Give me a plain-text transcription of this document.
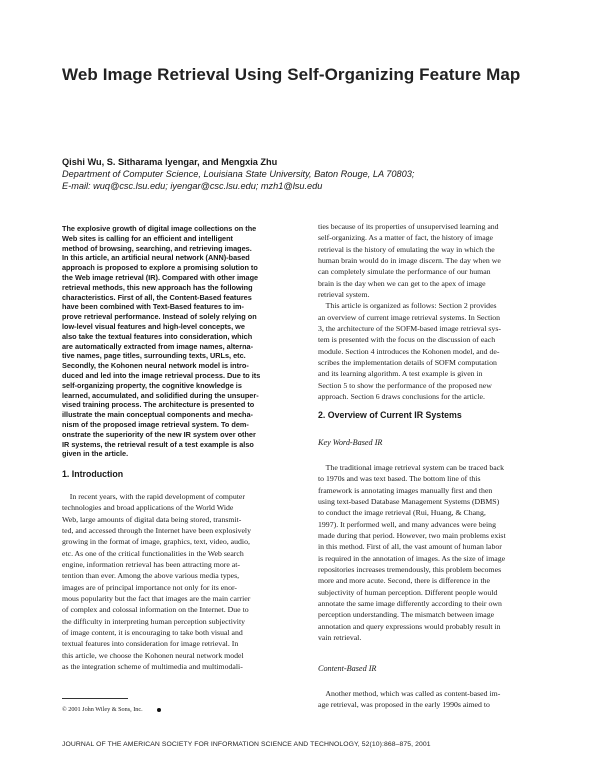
Web Image Retrieval Using Self-Organizing Feature Map
Qishi Wu, S. Sitharama Iyengar, and Mengxia Zhu
Department of Computer Science, Louisiana State University, Baton Rouge, LA 70803;
E-mail: wuq@csc.lsu.edu; iyengar@csc.lsu.edu; mzh1@lsu.edu
The explosive growth of digital image collections on the
Web sites is calling for an efficient and intelligent
method of browsing, searching, and retrieving images.
In this article, an artificial neural network (ANN)-based
approach is proposed to explore a promising solution to
the Web image retrieval (IR). Compared with other image
retrieval methods, this new approach has the following
characteristics. First of all, the Content-Based features
have been combined with Text-Based features to im-
prove retrieval performance. Instead of solely relying on
low-level visual features and high-level concepts, we
also take the textual features into consideration, which
are automatically extracted from image names, alterna-
tive names, page titles, surrounding texts, URLs, etc.
Secondly, the Kohonen neural network model is intro-
duced and led into the image retrieval process. Due to its
self-organizing property, the cognitive knowledge is
learned, accumulated, and solidified during the unsuper-
vised training process. The architecture is presented to
illustrate the main conceptual components and mecha-
nism of the proposed image retrieval system. To dem-
onstrate the superiority of the new IR system over other
IR systems, the retrieval result of a test example is also
given in the article.
1. Introduction
In recent years, with the rapid development of computer
technologies and broad applications of the World Wide
Web, large amounts of digital data being stored, transmit-
ted, and accessed through the Internet have been explosively
growing in the format of image, graphics, text, video, audio,
etc. As one of the critical functionalities in the Web search
engine, information retrieval has been attracting more at-
tention than ever. Among the above various media types,
images are of principal importance not only for its enor-
mous popularity but the fact that images are the main carrier
of complex and colossal information on the Internet. Due to
the difficulty in interpreting human perception subjectivity
of image content, it is encouraging to take both visual and
textual features into consideration for image retrieval. In
this article, we choose the Kohonen neural network model
as the integration scheme of multimedia and multimodali-
ties because of its properties of unsupervised learning and
self-organizing. As a matter of fact, the history of image
retrieval is the history of emulating the way in which the
human brain would do in image discern. The day when we
can completely simulate the performance of our human
brain is the day when we can get to the apex of image
retrieval system.
This article is organized as follows: Section 2 provides
an overview of current image retrieval systems. In Section
3, the architecture of the SOFM-based image retrieval sys-
tem is presented with the focus on the discussion of each
module. Section 4 introduces the Kohonen model, and de-
scribes the implementation details of SOFM computation
and its learning algorithm. A test example is given in
Section 5 to show the performance of the proposed new
approach. Section 6 draws conclusions for the article.
2. Overview of Current IR Systems
Key Word-Based IR
The traditional image retrieval system can be traced back
to 1970s and was text based. The bottom line of this
framework is annotating images manually first and then
using text-based Database Management Systems (DBMS)
to conduct the image retrieval (Rui, Huang, & Chang,
1997). It performed well, and many advances were being
made during that period. However, two main problems exist
in this method. First of all, the vast amount of human labor
is required in the annotation of images. As the size of image
repositories increases tremendously, this problem becomes
more and more acute. Second, there is difference in the
subjectivity of human perception. Different people would
annotate the same image differently according to their own
perception understanding. The mismatch between image
annotation and query expressions would probably result in
vain retrieval.
Content-Based IR
Another method, which was called as content-based im-
age retrieval, was proposed in the early 1990s aimed to
© 2001 John Wiley & Sons, Inc.
JOURNAL OF THE AMERICAN SOCIETY FOR INFORMATION SCIENCE AND TECHNOLOGY, 52(10):868–875, 2001
